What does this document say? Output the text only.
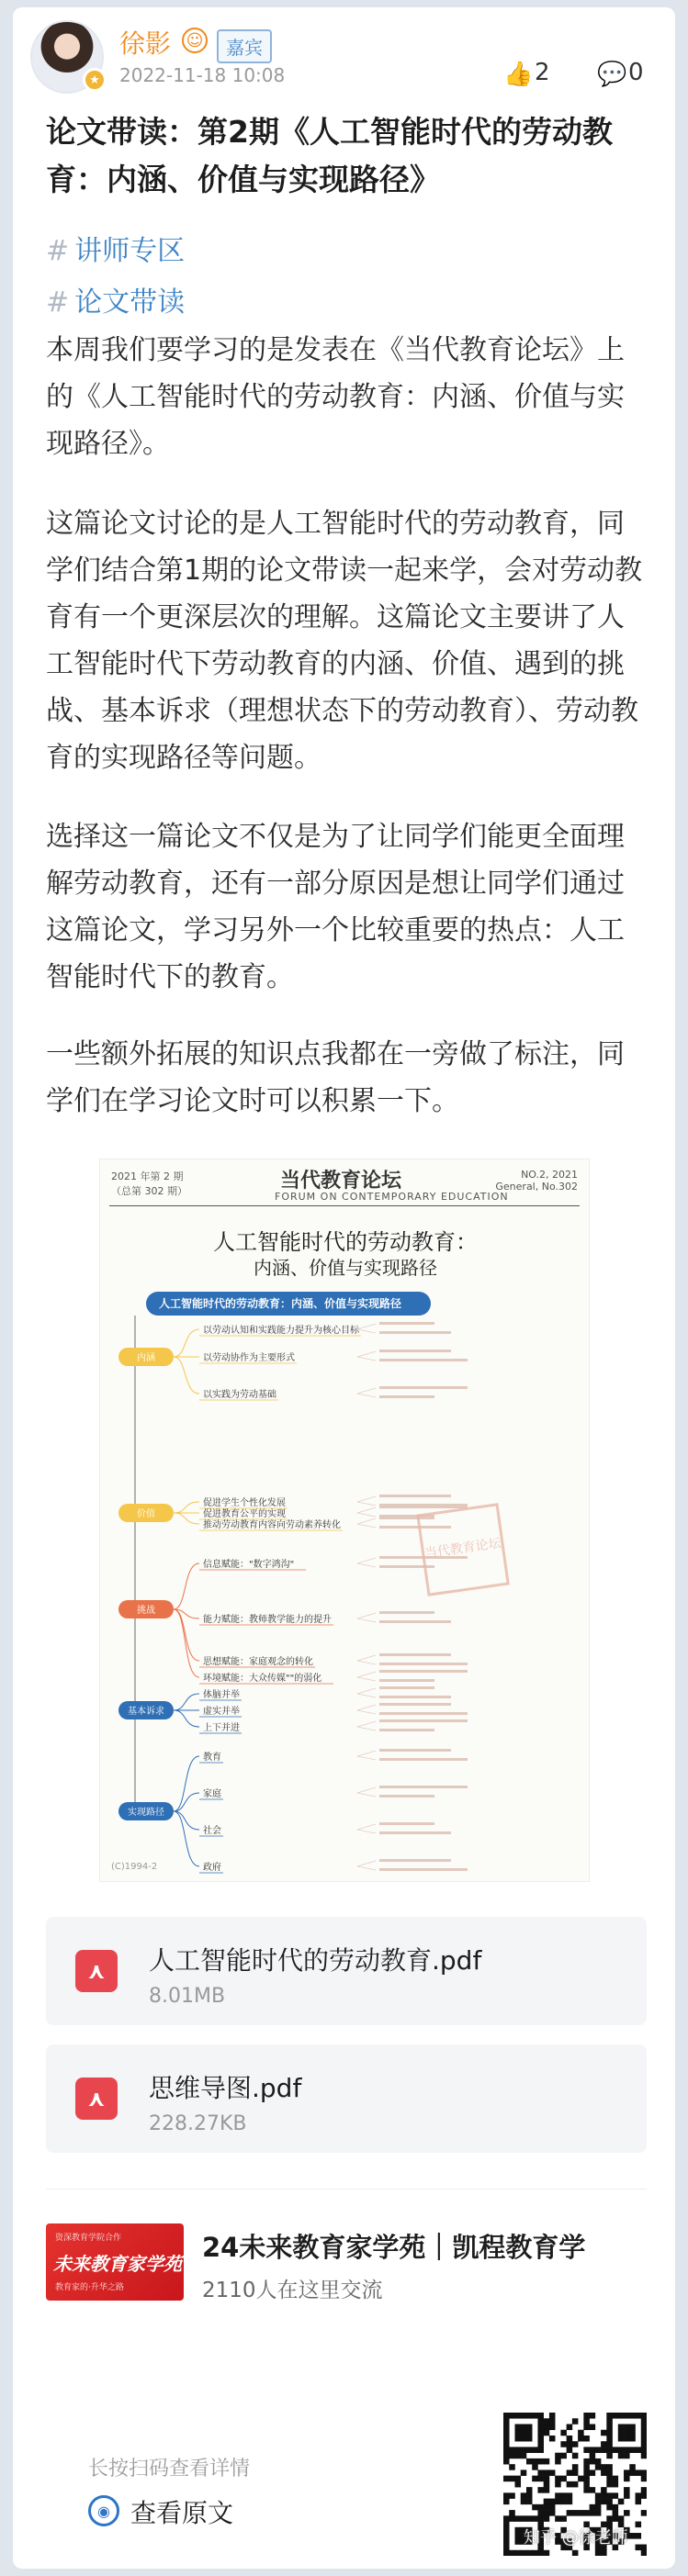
★
徐影 ☺	嘉宾
2022-11-18 10:08	👍 2 💬 0
论文带读：第2期《人工智能时代的劳动教育：内涵、价值与实现路径》
# 讲师专区
# 论文带读
本周我们要学习的是发表在《当代教育论坛》上的《人工智能时代的劳动教育：内涵、价值与实现路径》。
这篇论文讨论的是人工智能时代的劳动教育，同学们结合第1期的论文带读一起来学，会对劳动教育有一个更深层次的理解。这篇论文主要讲了人工智能时代下劳动教育的内涵、价值、遇到的挑战、基本诉求（理想状态下的劳动教育）、劳动教育的实现路径等问题。
选择这一篇论文不仅是为了让同学们能更全面理解劳动教育，还有一部分原因是想让同学们通过这篇论文，学习另外一个比较重要的热点：人工智能时代下的教育。
一些额外拓展的知识点我都在一旁做了标注，同学们在学习论文时可以积累一下。
2021 年第 2 期
（总第 302 期）	当代教育论坛
FORUM ON CONTEMPORARY EDUCATION
NO.2, 2021
General, No.302
人工智能时代的劳动教育：
内涵、价值与实现路径
人工智能时代的劳动教育：内涵、价值与实现路径
内涵
以劳动认知和实践能力提升为核心目标
以劳动协作为主要形式
以实践为劳动基础
价值
促进学生个性化发展
促进教育公平的实现
推动劳动教育内容向劳动素养转化
挑战
信息赋能："数字鸿沟"
能力赋能：教师教学能力的提升
思想赋能：家庭观念的转化
环境赋能：大众传媒""的弱化
基本诉求
体脑并举
虚实并举
上下并进
实现路径
教育
家庭
社会
政府
当代教育论坛
(C)1994-2
⋏	人工智能时代的劳动教育.pdf
8.01MB
⋏	思维导图.pdf
228.27KB
资深教育学院合作
未来教育家学苑
教育家的·升华之路
24未来教育家学苑｜凯程教育学
2110人在这里交流
长按扫码查看详情
◉ 查看原文
知乎 @徐老师
